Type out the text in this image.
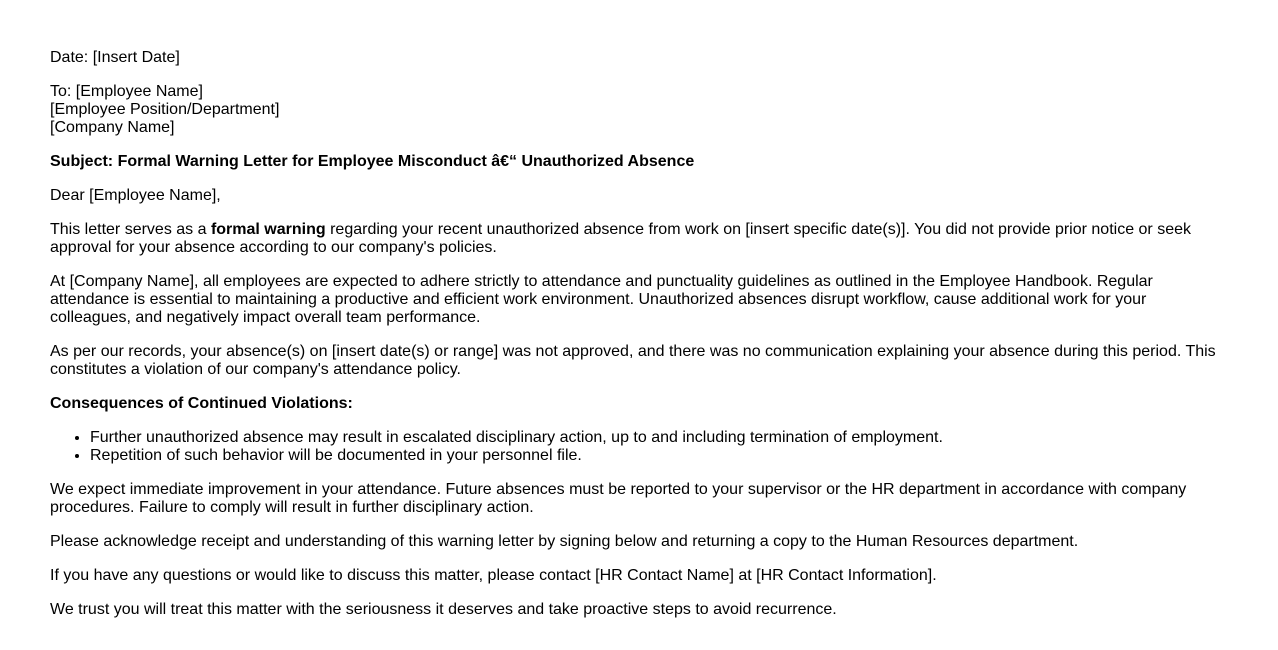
Date: [Insert Date]

To: [Employee Name]
[Employee Position/Department]
[Company Name]

Subject: Formal Warning Letter for Employee Misconduct â€“ Unauthorized Absence

Dear [Employee Name],

This letter serves as a formal warning regarding your recent unauthorized absence from work on [insert specific date(s)]. You did not provide prior notice or seek approval for your absence according to our company's policies.

At [Company Name], all employees are expected to adhere strictly to attendance and punctuality guidelines as outlined in the Employee Handbook. Regular attendance is essential to maintaining a productive and efficient work environment. Unauthorized absences disrupt workflow, cause additional work for your colleagues, and negatively impact overall team performance.

As per our records, your absence(s) on [insert date(s) or range] was not approved, and there was no communication explaining your absence during this period. This constitutes a violation of our company's attendance policy.

Consequences of Continued Violations:

• Further unauthorized absence may result in escalated disciplinary action, up to and including termination of employment.
• Repetition of such behavior will be documented in your personnel file.

We expect immediate improvement in your attendance. Future absences must be reported to your supervisor or the HR department in accordance with company procedures. Failure to comply will result in further disciplinary action.

Please acknowledge receipt and understanding of this warning letter by signing below and returning a copy to the Human Resources department.

If you have any questions or would like to discuss this matter, please contact [HR Contact Name] at [HR Contact Information].

We trust you will treat this matter with the seriousness it deserves and take proactive steps to avoid recurrence.
